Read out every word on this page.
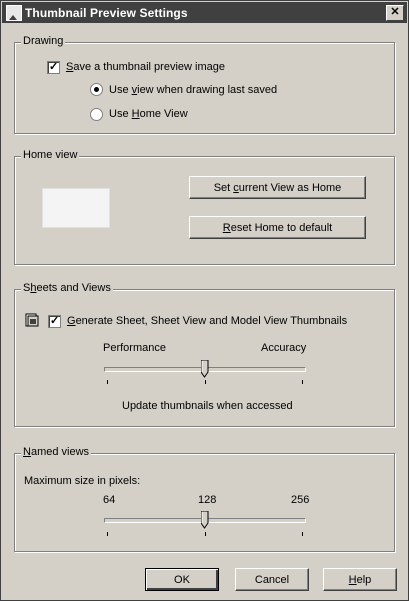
Thumbnail Preview Settings	✕
Drawing
✓
Save a thumbnail preview image
Use view when drawing last saved
Use Home View
Home view
Set current View as Home
Reset Home to default
Sheets and Views
✓
Generate Sheet, Sheet View and Model View Thumbnails
Performance	Accuracy
Update thumbnails when accessed
Named views
Maximum size in pixels:
64	128	256
OK	Cancel	Help
